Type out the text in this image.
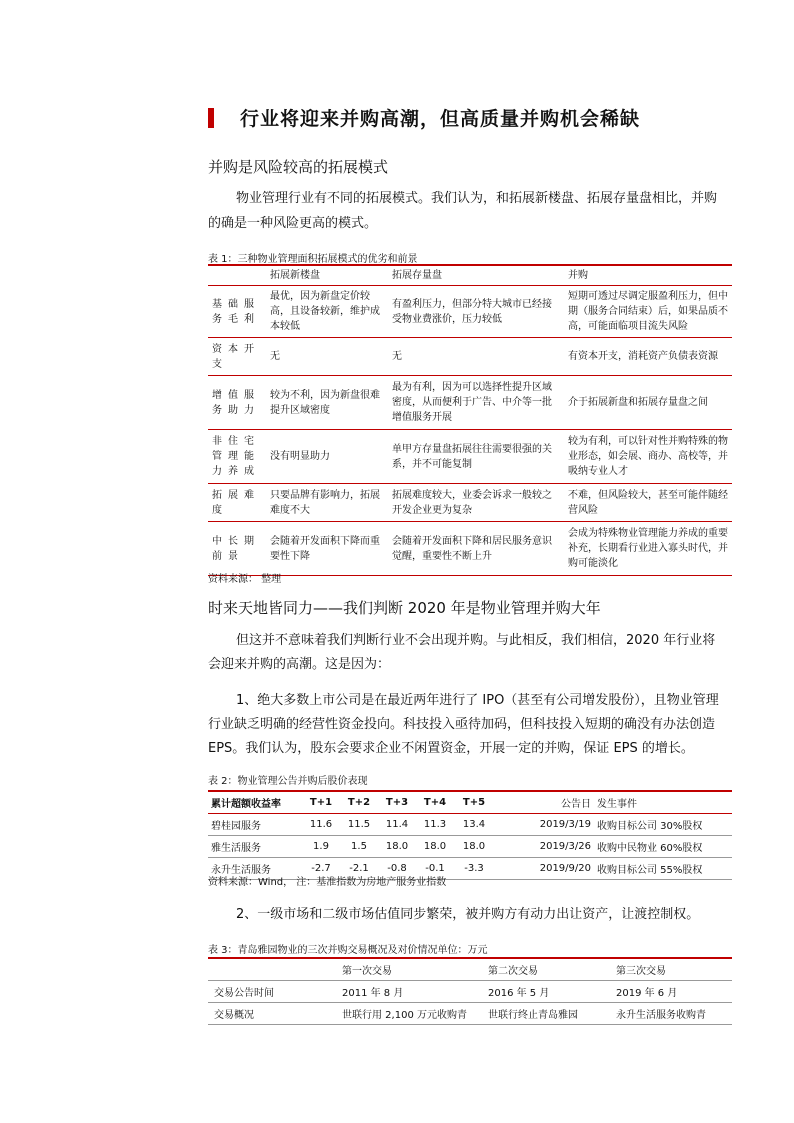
行业将迎来并购高潮，但高质量并购机会稀缺
并购是风险较高的拓展模式
物业管理行业有不同的拓展模式。我们认为，和拓展新楼盘、拓展存量盘相比，并购
的确是一种风险更高的模式。
表 1：三种物业管理面积拓展模式的优劣和前景
	拓展新楼盘	拓展存量盘	并购
基础服务毛利	最优，因为新盘定价较高，且设备较新，维护成本较低	有盈利压力，但部分特大城市已经接受物业费涨价，压力较低	短期可透过尽调定服盈利压力，但中期（服务合同结束）后，如果品质不高，可能面临项目流失风险
资本开支	无	无	有资本开支，消耗资产负债表资源
增值服务助力	较为不利，因为新盘很难提升区域密度	最为有利，因为可以选择性提升区域密度，从而便利于广告、中介等一批增值服务开展	介于拓展新盘和拓展存量盘之间
非住宅管理能力养成	没有明显助力	单甲方存量盘拓展往往需要很强的关系，并不可能复制	较为有利，可以针对性并购特殊的物业形态，如会展、商办、高校等，并吸纳专业人才
拓展难度	只要品牌有影响力，拓展难度不大	拓展难度较大，业委会诉求一般较之开发企业更为复杂	不难，但风险较大，甚至可能伴随经营风险
中长期前景	会随着开发面积下降而重要性下降	会随着开发面积下降和居民服务意识觉醒，重要性不断上升	会成为特殊物业管理能力养成的重要补充，长期看行业进入寡头时代，并购可能淡化
资料来源： 整理
时来天地皆同力——我们判断 2020 年是物业管理并购大年
但这并不意味着我们判断行业不会出现并购。与此相反，我们相信，2020 年行业将
会迎来并购的高潮。这是因为：
1、绝大多数上市公司是在最近两年进行了 IPO（甚至有公司增发股份），且物业管理
行业缺乏明确的经营性资金投向。科技投入亟待加码，但科技投入短期的确没有办法创造
EPS。我们认为，股东会要求企业不闲置资金，开展一定的并购，保证 EPS 的增长。
表 2：物业管理公告并购后股价表现
累计超额收益率	T+1	T+2	T+3	T+4	T+5	公告日	发生事件
碧桂园服务	11.6	11.5	11.4	11.3	13.4	2019/3/19	收购目标公司 30%股权
雅生活服务	1.9	1.5	18.0	18.0	18.0	2019/3/26	收购中民物业 60%股权
永升生活服务	-2.7	-2.1	-0.8	-0.1	-3.3	2019/9/20	收购目标公司 55%股权
资料来源：Wind， 注：基准指数为房地产服务业指数
2、一级市场和二级市场估值同步繁荣，被并购方有动力出让资产，让渡控制权。
表 3：青岛雅园物业的三次并购交易概况及对价情况单位：万元
	第一次交易	第二次交易	第三次交易
交易公告时间	2011 年 8 月	2016 年 5 月	2019 年 6 月
交易概况	世联行用 2,100 万元收购青	世联行终止青岛雅园	永升生活服务收购青
